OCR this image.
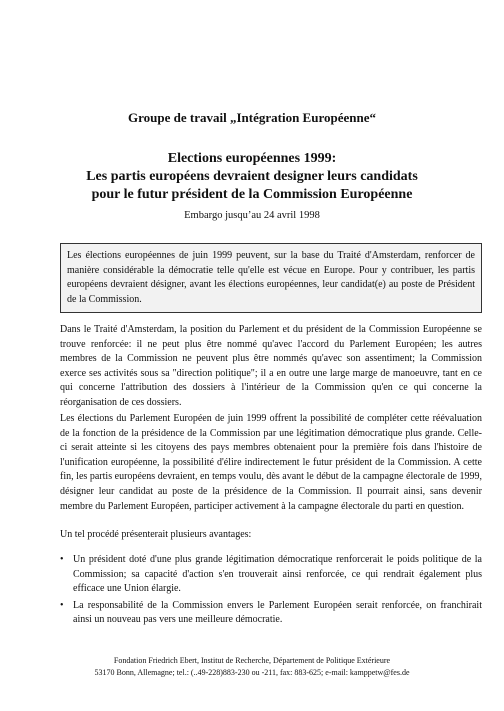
Groupe de travail „Intégration Européenne“
Elections européennes 1999:
Les partis européens devraient designer leurs candidats
pour le futur président de la Commission Européenne
Embargo jusqu’au 24 avril 1998
Les élections européennes de juin 1999 peuvent, sur la base du Traité d'Amsterdam, renforcer de manière considérable la démocratie telle qu'elle est vécue en Europe. Pour y contribuer, les partis européens devraient désigner, avant les élections européennes, leur candidat(e) au poste de Président de la Commission.

Dans le Traité d'Amsterdam, la position du Parlement et du président de la Commission Européenne se trouve renforcée: il ne peut plus être nommé qu'avec l'accord du Parlement Européen; les autres membres de la Commission ne peuvent plus être nommés qu'avec son assentiment; la Commission exerce ses activités sous sa "direction politique"; il a en outre une large marge de manoeuvre, tant en ce qui concerne l'attribution des dossiers à l'intérieur de la Commission qu'en ce qui concerne la réorganisation de ces dossiers.

Les élections du Parlement Européen de juin 1999 offrent la possibilité de compléter cette réévaluation de la fonction de la présidence de la Commission par une légitimation démocratique plus grande. Celle-ci serait atteinte si les citoyens des pays membres obtenaient pour la première fois dans l'histoire de l'unification européenne, la possibilité d'élire indirectement le futur président de la Commission. A cette fin, les partis européens devraient, en temps voulu, dès avant le début de la campagne électorale de 1999, désigner leur candidat au poste de la présidence de la Commission. Il pourrait ainsi, sans devenir membre du Parlement Européen, participer activement à la campagne électorale du parti en question.

Un tel procédé présenterait plusieurs avantages:

• Un président doté d'une plus grande légitimation démocratique renforcerait le poids politique de la Commission; sa capacité d'action s'en trouverait ainsi renforcée, ce qui rendrait également plus efficace une Union élargie.
• La responsabilité de la Commission envers le Parlement Européen serait renforcée, on franchirait ainsi un nouveau pas vers une meilleure démocratie.
Fondation Friedrich Ebert, Institut de Recherche, Département de Politique Extérieure
53170 Bonn, Allemagne; tel.: (..49-228)883-230 ou -211, fax: 883-625; e-mail: kamppetw@fes.de
